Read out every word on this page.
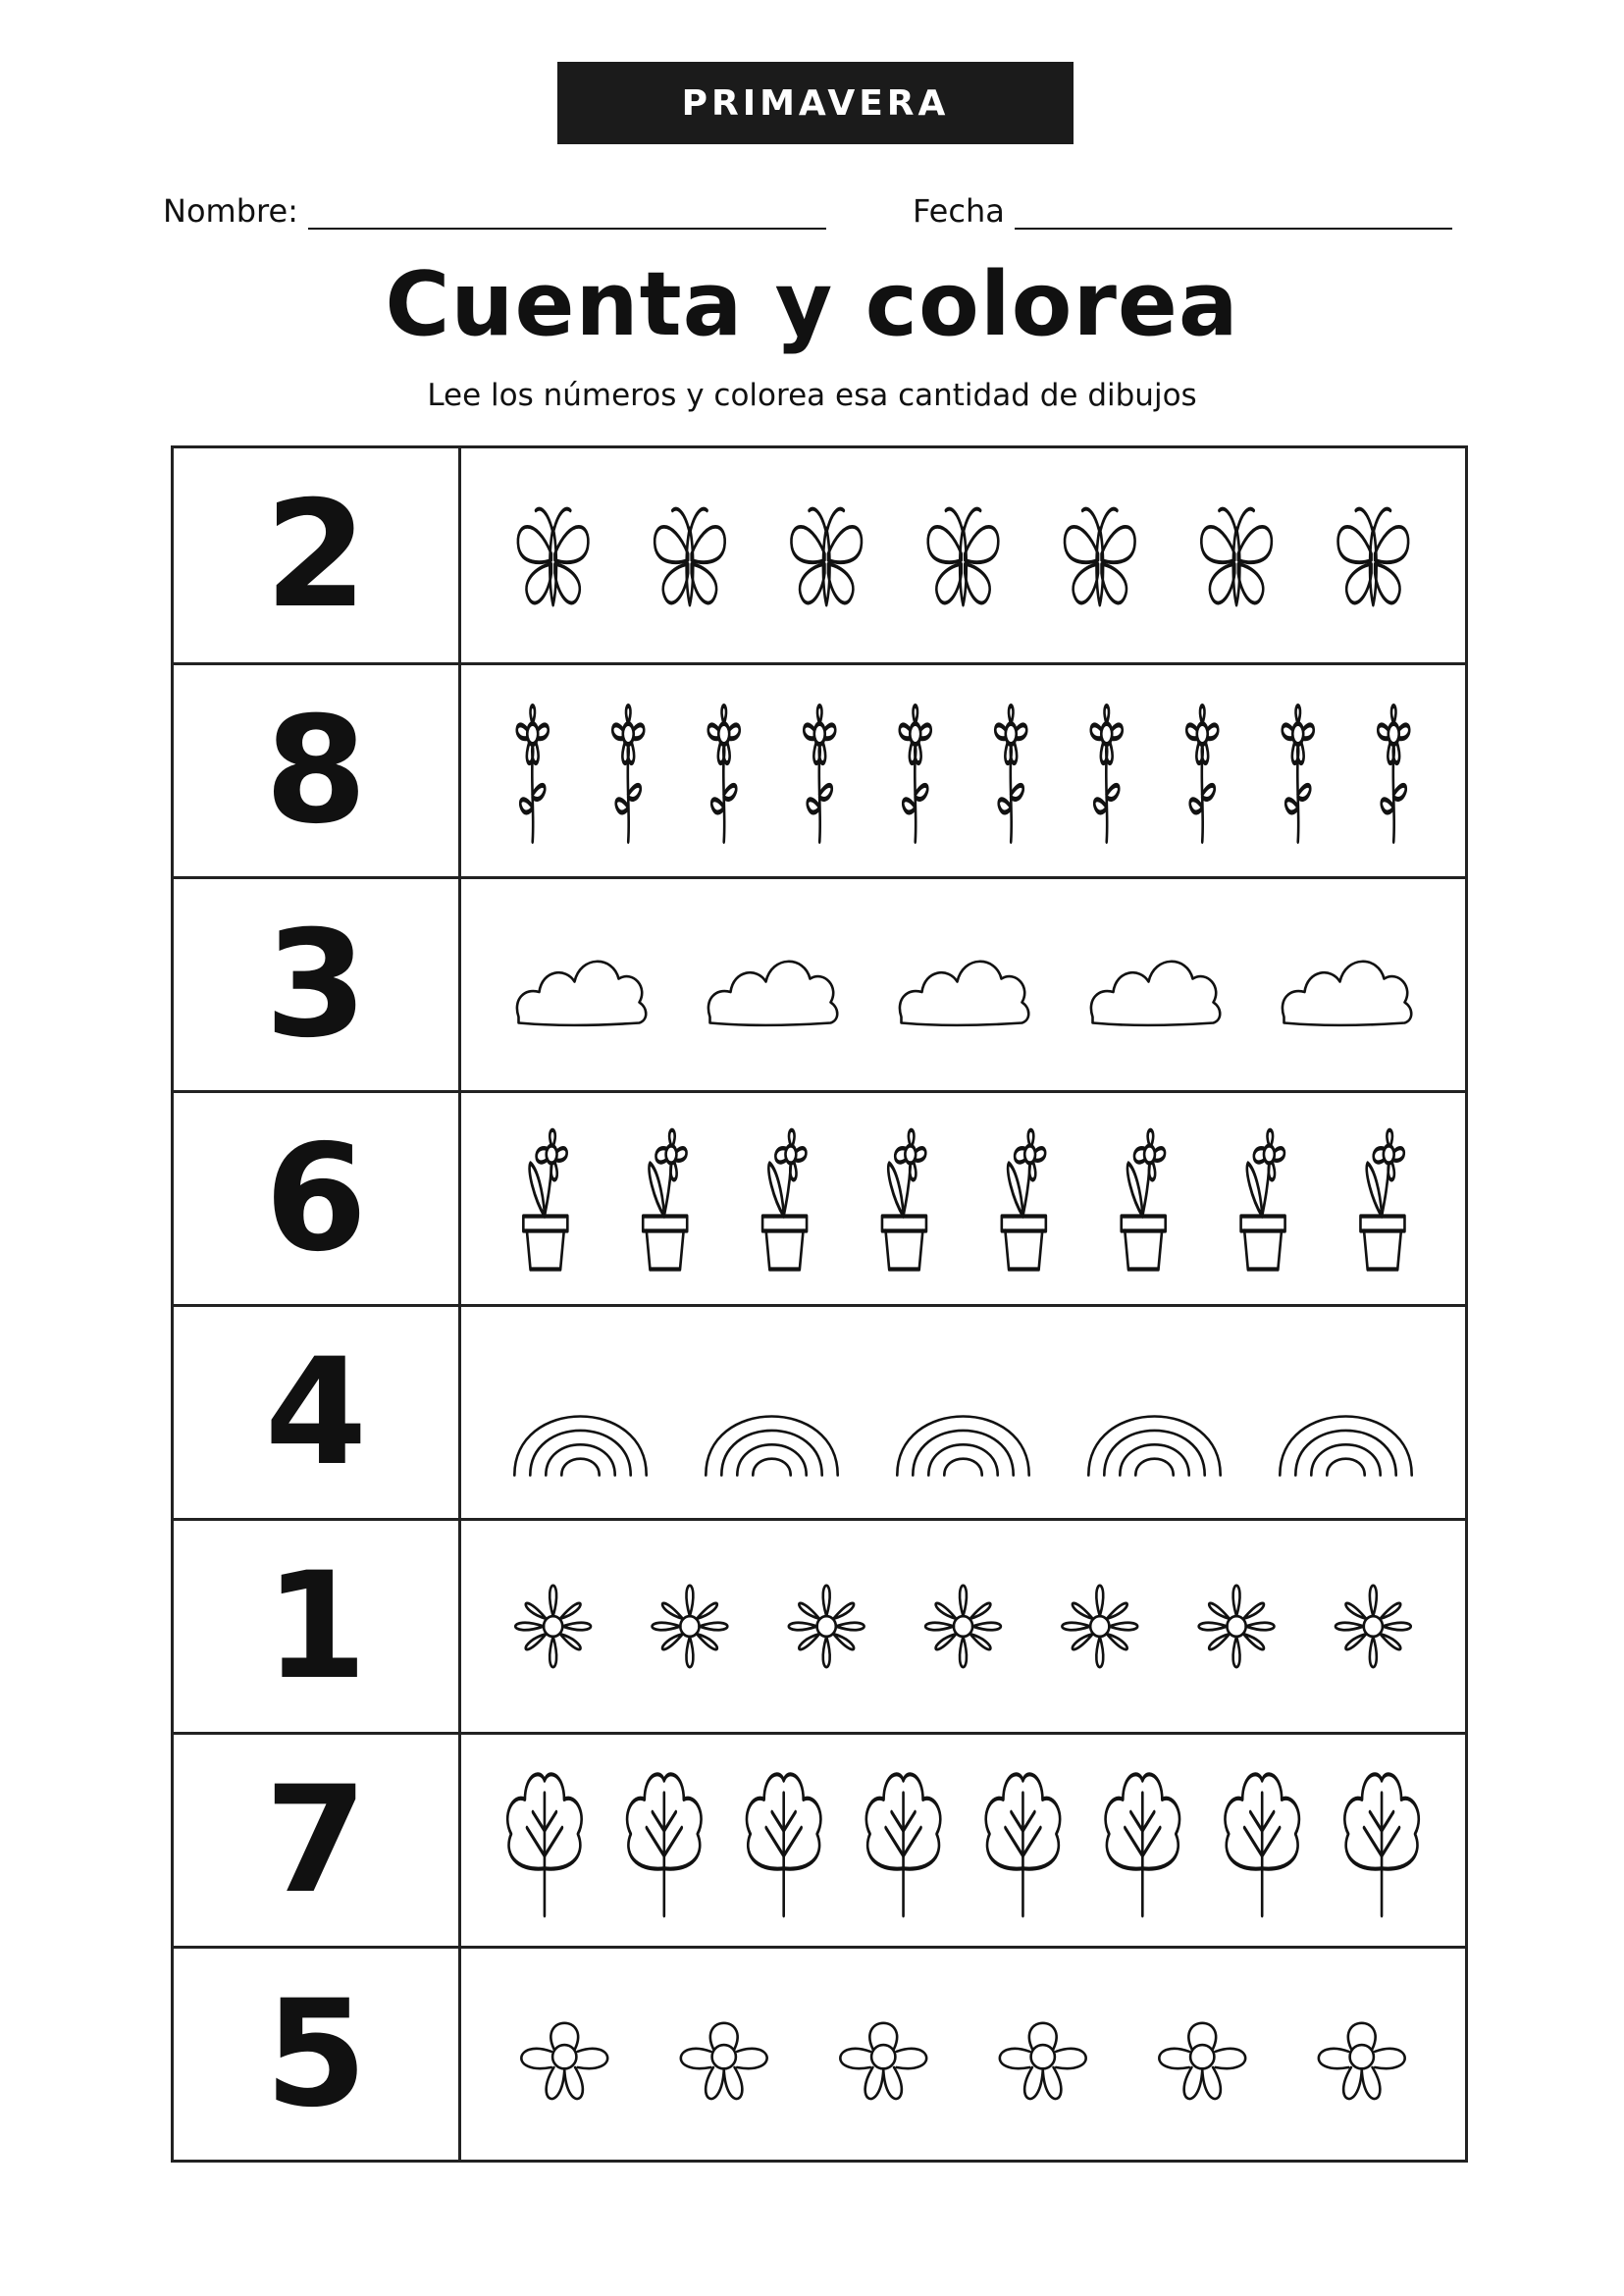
PRIMAVERA
Nombre:	Fecha
Cuenta y colorea
Lee los números y colorea esa cantidad de dibujos
2
8
3
6
4
1
7
5
